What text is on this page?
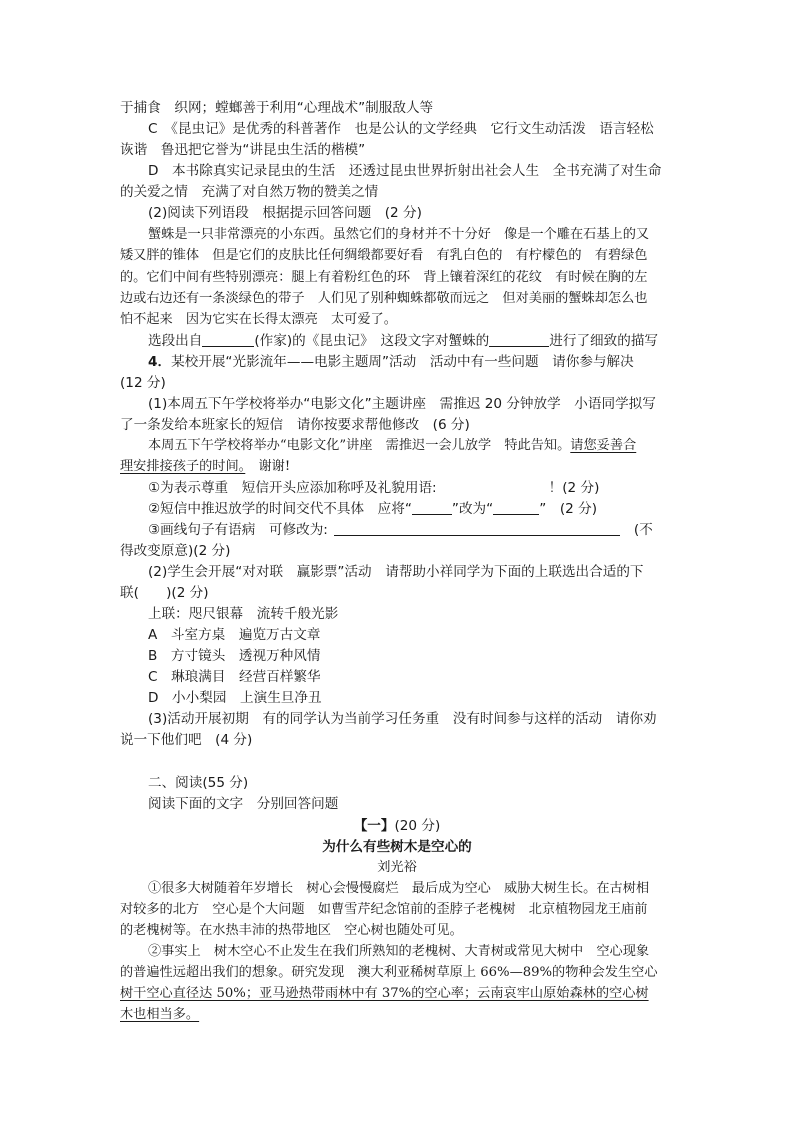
于捕食　织网；螳螂善于利用“心理战术”制服敌人等
C　《昆虫记》是优秀的科普著作　也是公认的文学经典　它行文生动活泼　语言轻松
诙谐　鲁迅把它誉为“讲昆虫生活的楷模”
D　本书除真实记录昆虫的生活　还透过昆虫世界折射出社会人生　全书充满了对生命
的关爱之情　充满了对自然万物的赞美之情
(2)阅读下列语段　根据提示回答问题　(2 分)
蟹蛛是一只非常漂亮的小东西。虽然它们的身材并不十分好　像是一个雕在石基上的又
矮又胖的锥体　但是它们的皮肤比任何绸缎都要好看　有乳白色的　有柠檬色的　有碧绿色
的。它们中间有些特别漂亮：腿上有着粉红色的环　背上镶着深红的花纹　有时候在胸的左
边或右边还有一条淡绿色的带子　人们见了别种蜘蛛都敬而远之　但对美丽的蟹蛛却怎么也
怕不起来　因为它实在长得太漂亮　太可爱了。
选段出自	(作家)的《昆虫记》　这段文字对蟹蛛的	进行了细致的描写
4．某校开展“光影流年——电影主题周”活动　活动中有一些问题　请你参与解决
(12 分)
(1)本周五下午学校将举办“电影文化”主题讲座　需推迟 20 分钟放学　小语同学拟写
了一条发给本班家长的短信　请你按要求帮他修改　(6 分)
本周五下午学校将举办“电影文化”讲座　需推迟一会儿放学　特此告知。请您妥善合
理安排接孩子的时间。　谢谢!
①为表示尊重　短信开头应添加称呼及礼貌用语:	！(2 分)
②短信中推迟放学的时间交代不具体　应将“	”改为“	”　(2 分)
③画线句子有语病　可修改为:	(不
得改变原意)(2 分)
(2)学生会开展“对对联　赢影票”活动　请帮助小祥同学为下面的上联选出合适的下
联(　　)(2 分)
上联：咫尺银幕　流转千般光影
A　斗室方桌　遍览万古文章
B　方寸镜头　透视万种风情
C　琳琅满目　经营百样繁华
D　小小梨园　上演生旦净丑
(3)活动开展初期　有的同学认为当前学习任务重　没有时间参与这样的活动　请你劝
说一下他们吧　(4 分)
二、阅读(55 分)
阅读下面的文字　分别回答问题
【一】(20 分)
为什么有些树木是空心的
刘光裕
①很多大树随着年岁增长　树心会慢慢腐烂　最后成为空心　威胁大树生长。在古树相
对较多的北方　空心是个大问题　如曹雪芹纪念馆前的歪脖子老槐树　北京植物园龙王庙前
的老槐树等。在水热丰沛的热带地区　空心树也随处可见。
②事实上　树木空心不止发生在我们所熟知的老槐树、大青树或常见大树中　空心现象
的普遍性远超出我们的想象。研究发现　澳大利亚稀树草原上 66%—89%的物种会发生空心
树干空心直径达 50%；亚马逊热带雨林中有 37%的空心率；云南哀牢山原始森林的空心树
木也相当多。
